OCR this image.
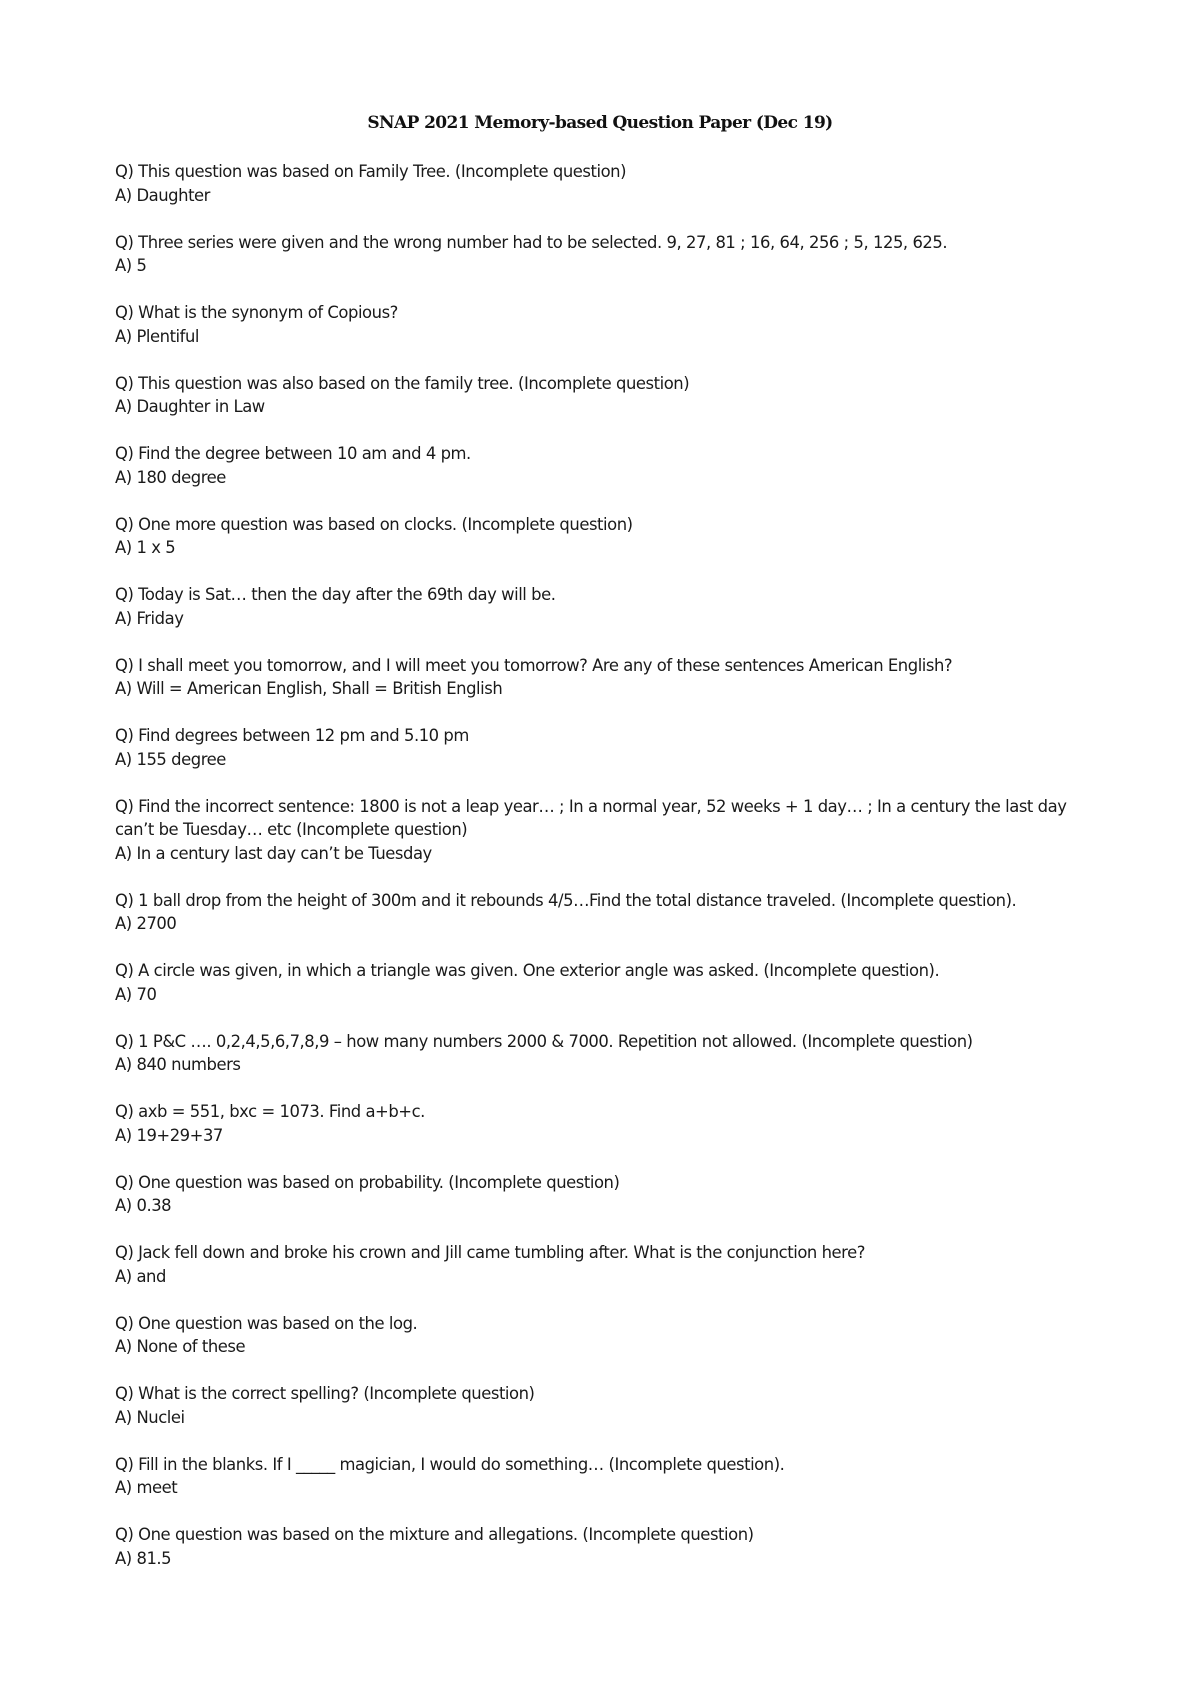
SNAP 2021 Memory-based Question Paper (Dec 19)
Q) This question was based on Family Tree. (Incomplete question)
A) Daughter
Q) Three series were given and the wrong number had to be selected. 9, 27, 81 ; 16, 64, 256 ; 5, 125, 625.
A) 5
Q) What is the synonym of Copious?
A) Plentiful
Q) This question was also based on the family tree. (Incomplete question)
A) Daughter in Law
Q) Find the degree between 10 am and 4 pm.
A) 180 degree
Q) One more question was based on clocks. (Incomplete question)
A) 1 x 5
Q) Today is Sat… then the day after the 69th day will be.
A) Friday
Q) I shall meet you tomorrow, and I will meet you tomorrow? Are any of these sentences American English?
A) Will = American English, Shall = British English
Q) Find degrees between 12 pm and 5.10 pm
A) 155 degree
Q) Find the incorrect sentence: 1800 is not a leap year… ; In a normal year, 52 weeks + 1 day… ; In a century the last day can’t be Tuesday… etc (Incomplete question)
A) In a century last day can’t be Tuesday
Q) 1 ball drop from the height of 300m and it rebounds 4/5…Find the total distance traveled. (Incomplete question).
A) 2700
Q) A circle was given, in which a triangle was given. One exterior angle was asked. (Incomplete question).
A) 70
Q) 1 P&C …. 0,2,4,5,6,7,8,9 – how many numbers 2000 & 7000. Repetition not allowed. (Incomplete question)
A) 840 numbers
Q) axb = 551, bxc = 1073. Find a+b+c.
A) 19+29+37
Q) One question was based on probability. (Incomplete question)
A) 0.38
Q) Jack fell down and broke his crown and Jill came tumbling after. What is the conjunction here?
A) and
Q) One question was based on the log.
A) None of these
Q) What is the correct spelling? (Incomplete question)
A) Nuclei
Q) Fill in the blanks. If I _____ magician, I would do something… (Incomplete question).
A) meet
Q) One question was based on the mixture and allegations. (Incomplete question)
A) 81.5
